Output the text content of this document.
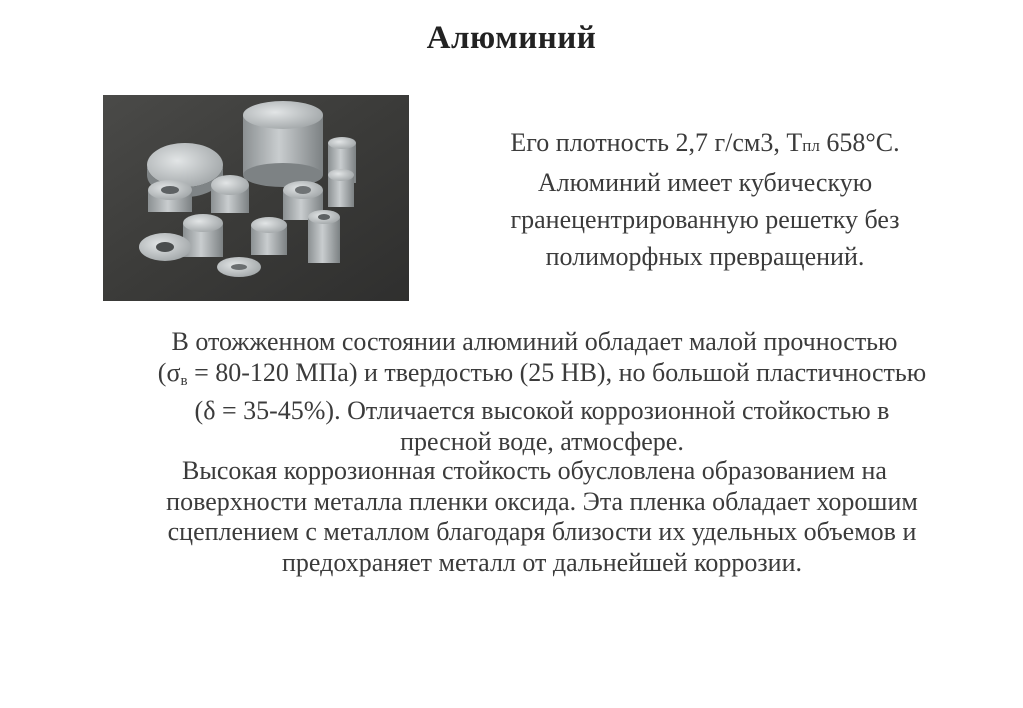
Алюминий
Его плотность 2,7 г/см3, Тпл 658°С.
Алюминий имеет кубическую
гранецентрированную решетку без
полиморфных превращений.
В отожженном состоянии алюминий обладает малой прочностью
($\sigma_в = 80-120$ МПа) и твердостью (25 НВ), но большой пластичностью (δ = 35-45%). Отличается высокой коррозионной стойкостью в пресной воде, атмосфере.
Высокая коррозионная стойкость обусловлена образованием на
поверхности металла пленки оксида. Эта пленка обладает хорошим сцеплением с металлом благодаря близости их удельных объемов и предохраняет металл от дальнейшей коррозии.
